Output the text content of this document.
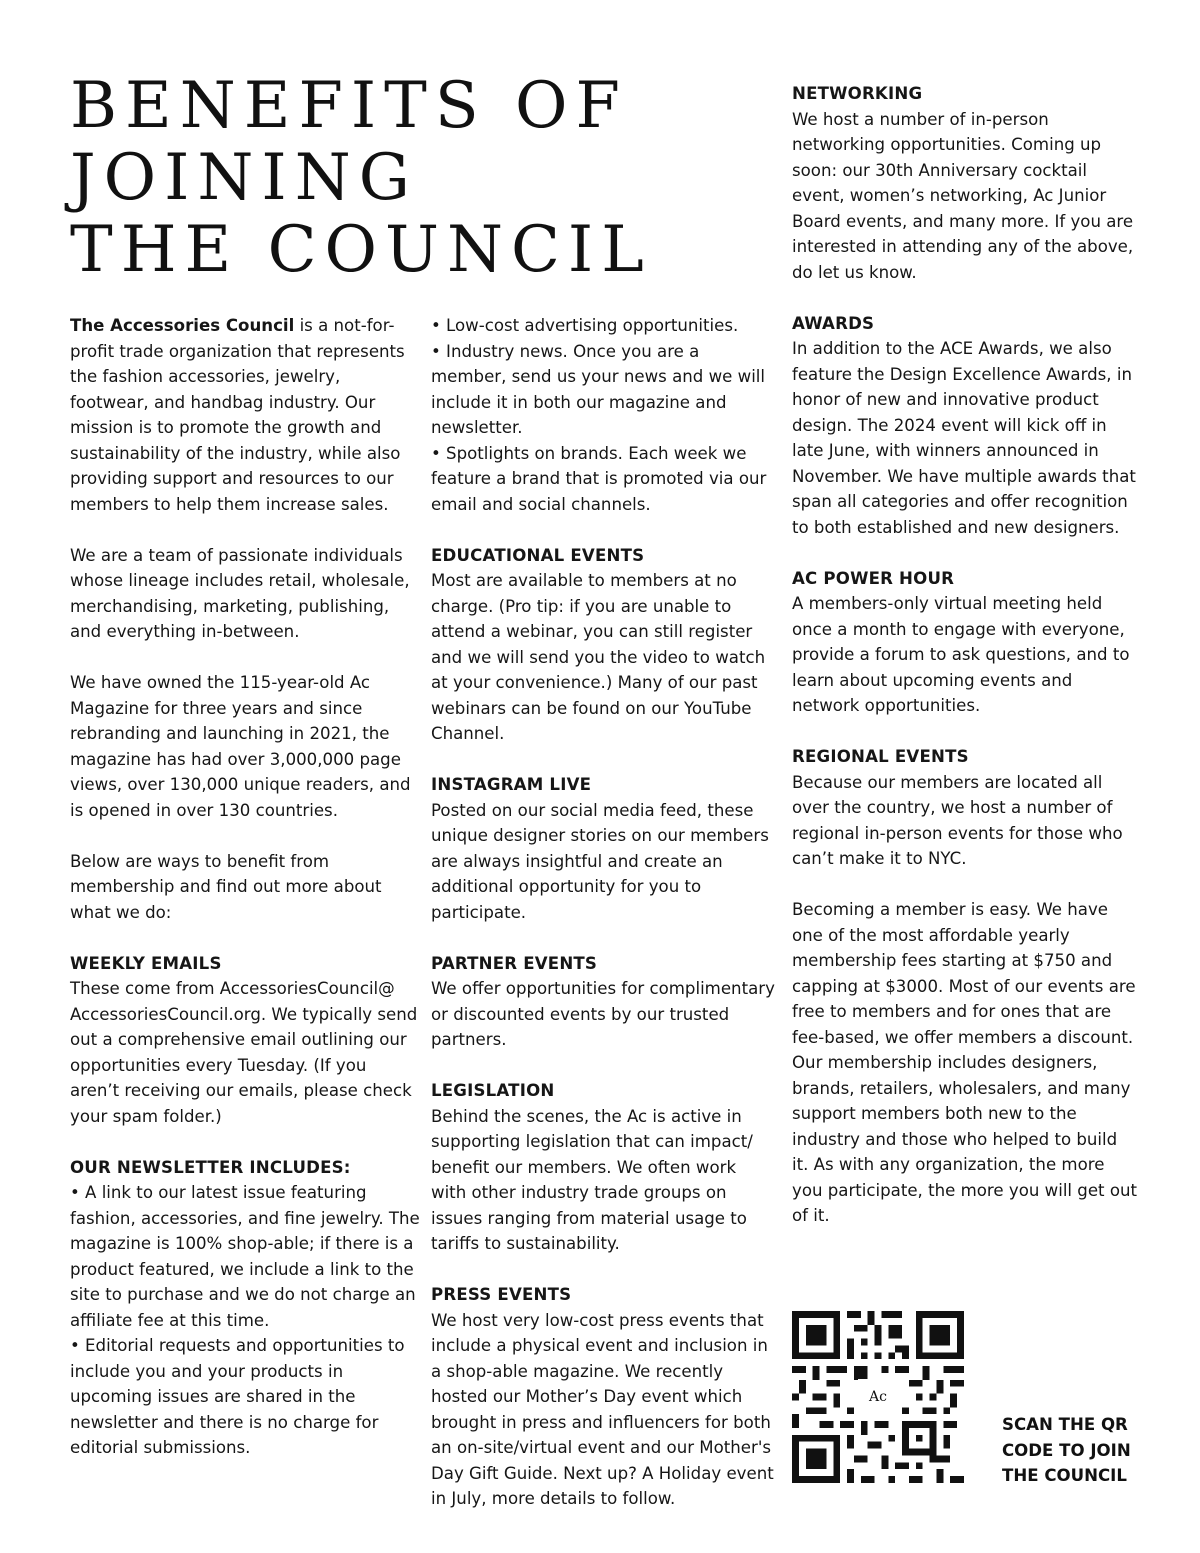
BENEFITS OF
JOINING
THE COUNCIL

The Accessories Council is a not-for-profit trade organization that represents the fashion accessories, jewelry, footwear, and handbag industry. Our mission is to promote the growth and sustainability of the industry, while also providing support and resources to our members to help them increase sales.

We are a team of passionate individuals whose lineage includes retail, wholesale, merchandising, marketing, publishing, and everything in-between.

We have owned the 115-year-old Ac Magazine for three years and since rebranding and launching in 2021, the magazine has had over 3,000,000 page views, over 130,000 unique readers, and is opened in over 130 countries.

Below are ways to benefit from membership and find out more about what we do:

WEEKLY EMAILS

These come from AccessoriesCouncil@ AccessoriesCouncil.org. We typically send out a comprehensive email outlining our opportunities every Tuesday. (If you aren’t receiving our emails, please check your spam folder.)

OUR NEWSLETTER INCLUDES:

• A link to our latest issue featuring fashion, accessories, and fine jewelry. The magazine is 100% shop-able; if there is a product featured, we include a link to the site to purchase and we do not charge an affiliate fee at this time.

• Editorial requests and opportunities to include you and your products in upcoming issues are shared in the newsletter and there is no charge for editorial submissions.

• Low-cost advertising opportunities.

• Industry news. Once you are a member, send us your news and we will include it in both our magazine and newsletter.

• Spotlights on brands. Each week we feature a brand that is promoted via our email and social channels.

EDUCATIONAL EVENTS

Most are available to members at no charge. (Pro tip: if you are unable to attend a webinar, you can still register and we will send you the video to watch at your convenience.) Many of our past webinars can be found on our YouTube Channel.

INSTAGRAM LIVE

Posted on our social media feed, these unique designer stories on our members are always insightful and create an additional opportunity for you to participate.

PARTNER EVENTS

We offer opportunities for complimentary or discounted events by our trusted partners.

LEGISLATION

Behind the scenes, the Ac is active in supporting legislation that can impact/ benefit our members. We often work with other industry trade groups on issues ranging from material usage to tariffs to sustainability.

PRESS EVENTS

We host very low-cost press events that include a physical event and inclusion in a shop-able magazine. We recently hosted our Mother’s Day event which brought in press and influencers for both an on-site/virtual event and our Mother's Day Gift Guide. Next up? A Holiday event in July, more details to follow.

NETWORKING

We host a number of in-person networking opportunities. Coming up soon: our 30th Anniversary cocktail event, women’s networking, Ac Junior Board events, and many more. If you are interested in attending any of the above, do let us know.

AWARDS

In addition to the ACE Awards, we also feature the Design Excellence Awards, in honor of new and innovative product design. The 2024 event will kick off in late June, with winners announced in November. We have multiple awards that span all categories and offer recognition to both established and new designers.

AC POWER HOUR

A members-only virtual meeting held once a month to engage with everyone, provide a forum to ask questions, and to learn about upcoming events and network opportunities.

REGIONAL EVENTS

Because our members are located all over the country, we host a number of regional in-person events for those who can’t make it to NYC.

Becoming a member is easy. We have one of the most affordable yearly membership fees starting at $750 and capping at $3000. Most of our events are free to members and for ones that are fee-based, we offer members a discount. Our membership includes designers, brands, retailers, wholesalers, and many support members both new to the industry and those who helped to build it. As with any organization, the more you participate, the more you will get out of it.

Ac
SCAN THE QR
CODE TO JOIN
THE COUNCIL
